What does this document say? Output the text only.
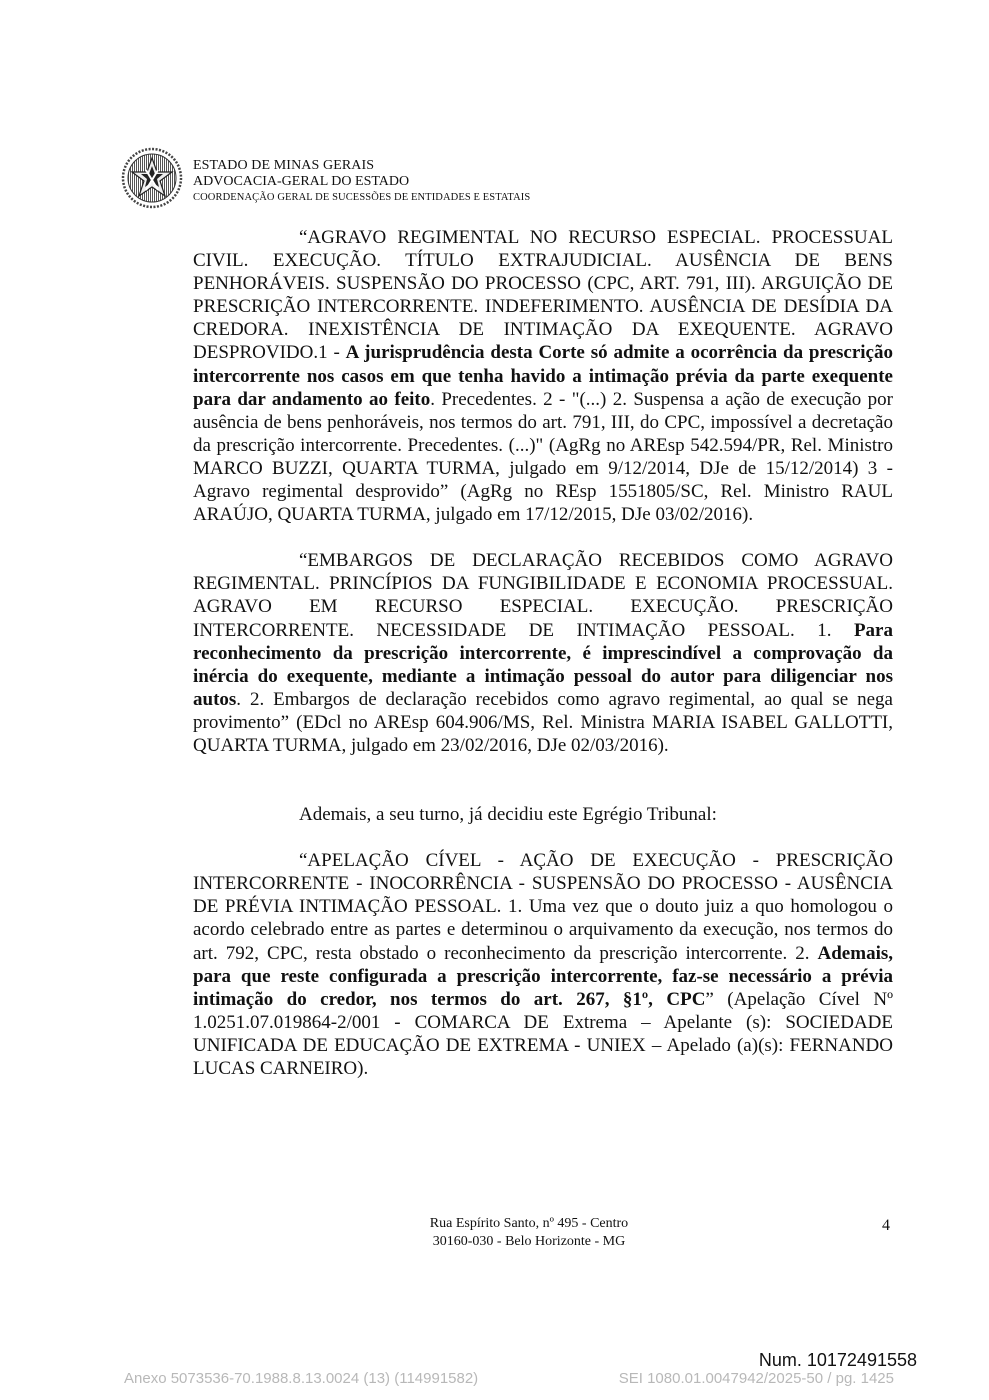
ESTADO DE MINAS GERAIS
ADVOCACIA-GERAL DO ESTADO
COORDENAÇÃO GERAL DE SUCESSÕES DE ENTIDADES E ESTATAIS

“AGRAVO REGIMENTAL NO RECURSO ESPECIAL. PROCESSUAL CIVIL. EXECUÇÃO. TÍTULO EXTRAJUDICIAL. AUSÊNCIA DE BENS PENHORÁVEIS. SUSPENSÃO DO PROCESSO (CPC, ART. 791, III). ARGUIÇÃO DE PRESCRIÇÃO INTERCORRENTE. INDEFERIMENTO. AUSÊNCIA DE DESÍDIA DA CREDORA. INEXISTÊNCIA DE INTIMAÇÃO DA EXEQUENTE. AGRAVO DESPROVIDO.1 - A jurisprudência desta Corte só admite a ocorrência da prescrição intercorrente nos casos em que tenha havido a intimação prévia da parte exequente para dar andamento ao feito. Precedentes. 2 - "(...) 2. Suspensa a ação de execução por ausência de bens penhoráveis, nos termos do art. 791, III, do CPC, impossível a decretação da prescrição intercorrente. Precedentes. (...)" (AgRg no AREsp 542.594/PR, Rel. Ministro MARCO BUZZI, QUARTA TURMA, julgado em 9/12/2014, DJe de 15/12/2014) 3 - Agravo regimental desprovido” (AgRg no REsp 1551805/SC, Rel. Ministro RAUL ARAÚJO, QUARTA TURMA, julgado em 17/12/2015, DJe 03/02/2016).

“EMBARGOS DE DECLARAÇÃO RECEBIDOS COMO AGRAVO REGIMENTAL. PRINCÍPIOS DA FUNGIBILIDADE E ECONOMIA PROCESSUAL. AGRAVO EM RECURSO ESPECIAL. EXECUÇÃO. PRESCRIÇÃO INTERCORRENTE. NECESSIDADE DE INTIMAÇÃO PESSOAL. 1. Para reconhecimento da prescrição intercorrente, é imprescindível a comprovação da inércia do exequente, mediante a intimação pessoal do autor para diligenciar nos autos. 2. Embargos de declaração recebidos como agravo regimental, ao qual se nega provimento” (EDcl no AREsp 604.906/MS, Rel. Ministra MARIA ISABEL GALLOTTI, QUARTA TURMA, julgado em 23/02/2016, DJe 02/03/2016).

Ademais, a seu turno, já decidiu este Egrégio Tribunal:

“APELAÇÃO CÍVEL - AÇÃO DE EXECUÇÃO - PRESCRIÇÃO INTERCORRENTE - INOCORRÊNCIA - SUSPENSÃO DO PROCESSO - AUSÊNCIA DE PRÉVIA INTIMAÇÃO PESSOAL. 1. Uma vez que o douto juiz a quo homologou o acordo celebrado entre as partes e determinou o arquivamento da execução, nos termos do art. 792, CPC, resta obstado o reconhecimento da prescrição intercorrente. 2. Ademais, para que reste configurada a prescrição intercorrente, faz-se necessário a prévia intimação do credor, nos termos do art. 267, §1º, CPC” (Apelação Cível Nº 1.0251.07.019864-2/001 - COMARCA DE Extrema – Apelante (s): SOCIEDADE UNIFICADA DE EDUCAÇÃO DE EXTREMA - UNIEX – Apelado (a)(s): FERNANDO LUCAS CARNEIRO).

Rua Espírito Santo, nº 495 - Centro
30160-030 - Belo Horizonte - MG
4
Num. 10172491558
Anexo 5073536-70.1988.8.13.0024 (13) (114991582)	SEI 1080.01.0047942/2025-50 / pg. 1425
